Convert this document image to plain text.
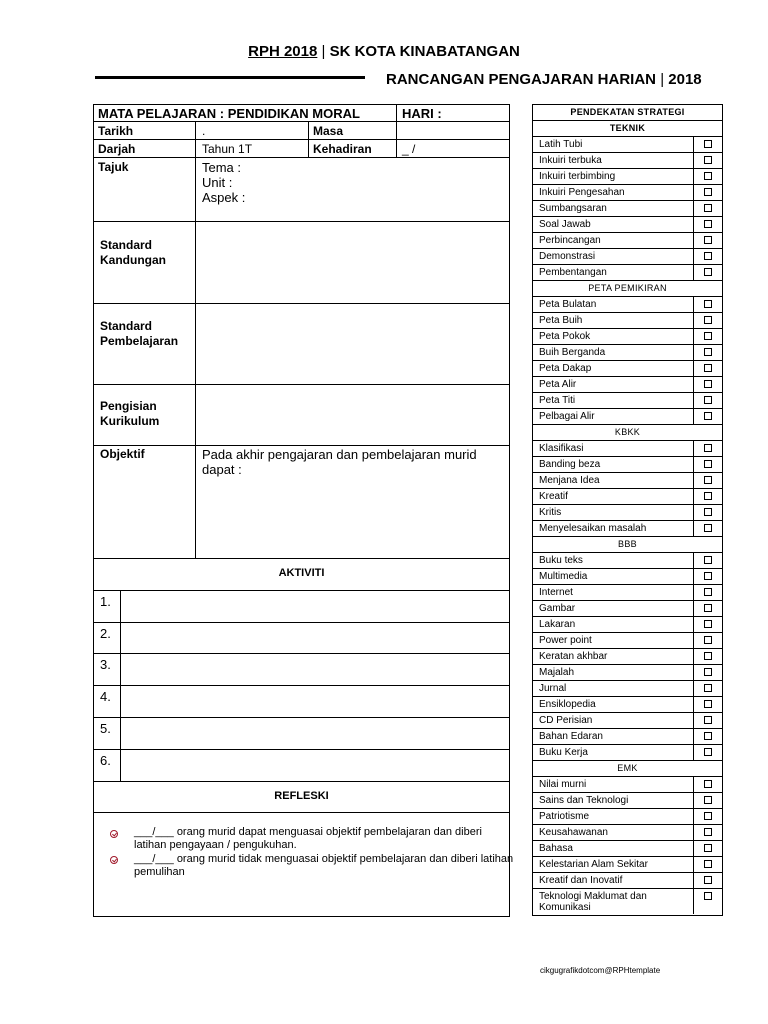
RPH 2018 | SK KOTA KINABATANGAN
RANCANGAN PENGAJARAN HARIAN | 2018
MATA PELAJARAN : PENDIDIKAN MORAL	HARI :
Tarikh	.	Masa
Darjah	Tahun 1T	Kehadiran	_ /
Tajuk	Tema :
Unit :
Aspek :
Standard
Kandungan
Standard
Pembelajaran
Pengisian
Kurikulum
Objektif	Pada akhir pengajaran dan pembelajaran murid dapat :
AKTIVITI
1.
2.
3.
4.
5.
6.
REFLESKI
___/___ orang murid dapat menguasai objektif pembelajaran dan diberi latihan pengayaan / pengukuhan.
___/___ orang murid tidak menguasai objektif pembelajaran dan diberi latihan pemulihan
PENDEKATAN STRATEGI
TEKNIK
Latih Tubi
Inkuiri terbuka
Inkuiri terbimbing
Inkuiri Pengesahan
Sumbangsaran
Soal Jawab
Perbincangan
Demonstrasi
Pembentangan
PETA PEMIKIRAN
Peta Bulatan
Peta Buih
Peta Pokok
Buih Berganda
Peta Dakap
Peta Alir
Peta Titi
Pelbagai Alir
KBKK
Klasifikasi
Banding beza
Menjana Idea
Kreatif
Kritis
Menyelesaikan masalah
BBB
Buku teks
Multimedia
Internet
Gambar
Lakaran
Power point
Keratan akhbar
Majalah
Jurnal
Ensiklopedia
CD Perisian
Bahan Edaran
Buku Kerja
EMK
Nilai murni
Sains dan Teknologi
Patriotisme
Keusahawanan
Bahasa
Kelestarian Alam Sekitar
Kreatif dan Inovatif
Teknologi Maklumat dan Komunikasi
cikgugrafikdotcom@RPHtemplate
